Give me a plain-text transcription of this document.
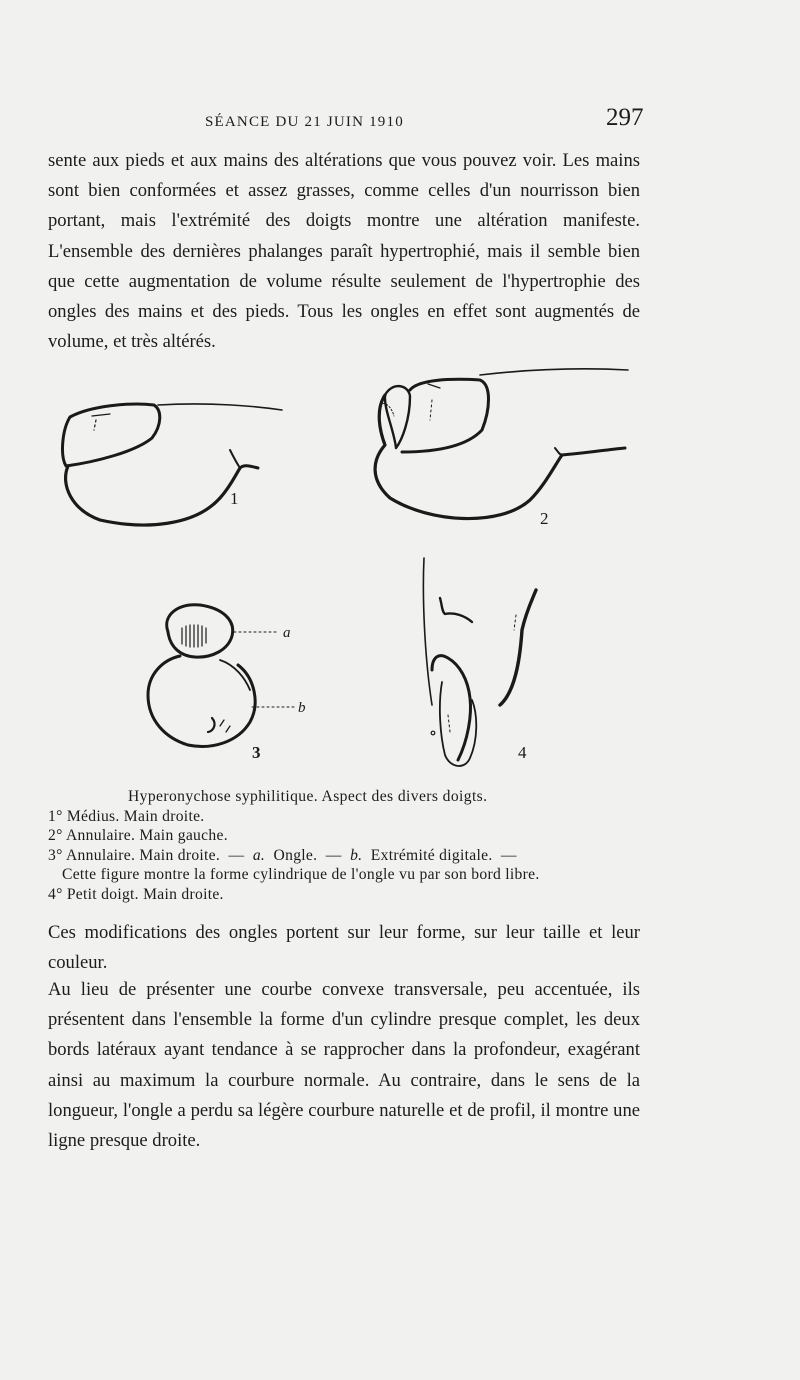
SÉANCE DU 21 JUIN 1910	297

sente aux pieds et aux mains des altérations que vous pouvez voir. Les mains sont bien conformées et assez grasses, comme celles d'un nourrisson bien portant, mais l'extrémité des doigts montre une altération manifeste. L'ensemble des dernières phalanges paraît hypertrophié, mais il semble bien que cette augmentation de volume résulte seulement de l'hypertrophie des ongles des mains et des pieds. Tous les ongles en effet sont augmentés de volume, et très altérés.

1
2
a
b
3	4
Hyperonychose syphilitique. Aspect des divers doigts.
1° Médius. Main droite.
2° Annulaire. Main gauche.
3° Annulaire. Main droite. — a. Ongle. — b. Extrémité digitale. —
Cette figure montre la forme cylindrique de l'ongle vu par son bord libre.
4° Petit doigt. Main droite.

Ces modifications des ongles portent sur leur forme, sur leur taille et leur couleur.

Au lieu de présenter une courbe convexe transversale, peu accentuée, ils présentent dans l'ensemble la forme d'un cylindre presque complet, les deux bords latéraux ayant tendance à se rapprocher dans la profondeur, exagérant ainsi au maximum la courbure normale. Au contraire, dans le sens de la longueur, l'ongle a perdu sa légère courbure naturelle et de profil, il montre une ligne presque droite.
